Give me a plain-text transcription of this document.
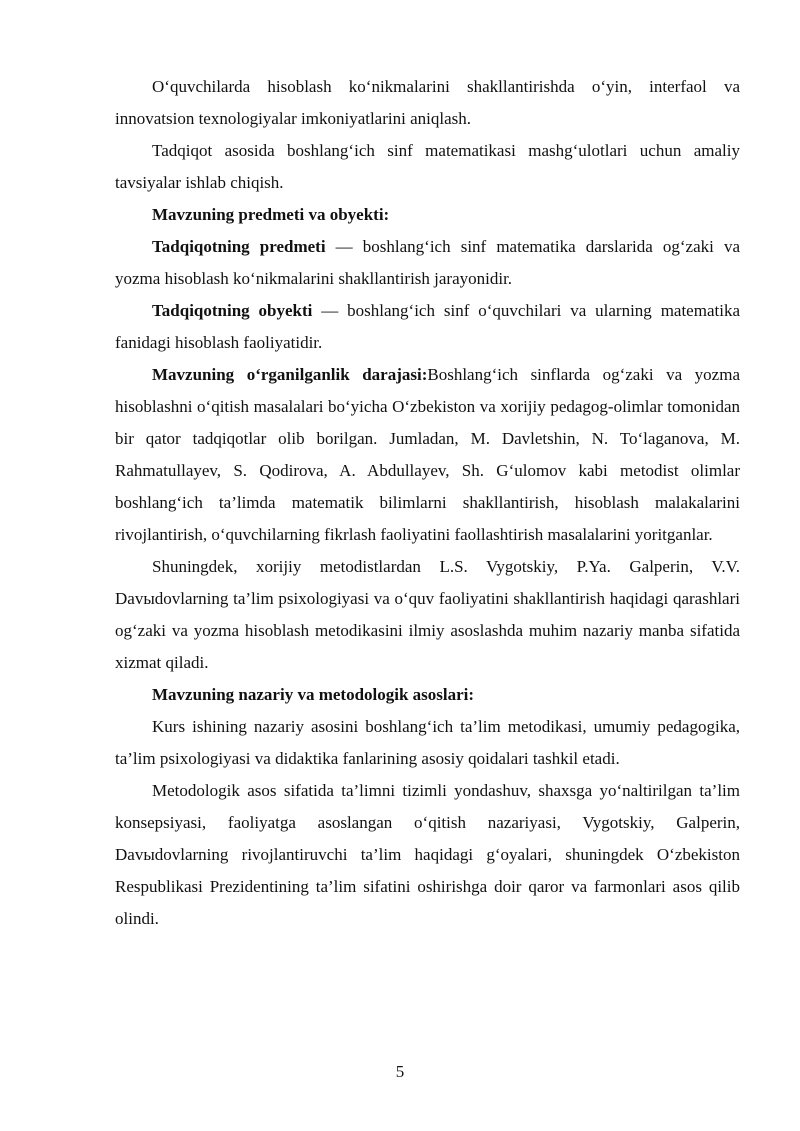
O‘quvchilarda hisoblash ko‘nikmalarini shakllantirishda o‘yin, interfaol va innovatsion texnologiyalar imkoniyatlarini aniqlash.

Tadqiqot asosida boshlang‘ich sinf matematikasi mashg‘ulotlari uchun amaliy tavsiyalar ishlab chiqish.

Mavzuning predmeti va obyekti:

Tadqiqotning predmeti — boshlang‘ich sinf matematika darslarida og‘zaki va yozma hisoblash ko‘nikmalarini shakllantirish jarayonidir.

Tadqiqotning obyekti — boshlang‘ich sinf o‘quvchilari va ularning matematika fanidagi hisoblash faoliyatidir.

Mavzuning o‘rganilganlik darajasi:Boshlang‘ich sinflarda og‘zaki va yozma hisoblashni o‘qitish masalalari bo‘yicha O‘zbekiston va xorijiy pedagog-olimlar tomonidan bir qator tadqiqotlar olib borilgan. Jumladan, M. Davletshin, N. To‘laganova, M. Rahmatullayev, S. Qodirova, A. Abdullayev, Sh. G‘ulomov kabi metodist olimlar boshlang‘ich ta’limda matematik bilimlarni shakllantirish, hisoblash malakalarini rivojlantirish, o‘quvchilarning fikrlash faoliyatini faollashtirish masalalarini yoritganlar.

Shuningdek, xorijiy metodistlardan L.S. Vygotskiy, P.Ya. Galperin, V.V. Davыdovlarning ta’lim psixologiyasi va o‘quv faoliyatini shakllantirish haqidagi qarashlari og‘zaki va yozma hisoblash metodikasini ilmiy asoslashda muhim nazariy manba sifatida xizmat qiladi.

Mavzuning nazariy va metodologik asoslari:

Kurs ishining nazariy asosini boshlang‘ich ta’lim metodikasi, umumiy pedagogika, ta’lim psixologiyasi va didaktika fanlarining asosiy qoidalari tashkil etadi.

Metodologik asos sifatida ta’limni tizimli yondashuv, shaxsga yo‘naltirilgan ta’lim konsepsiyasi, faoliyatga asoslangan o‘qitish nazariyasi, Vygotskiy, Galperin, Davыdovlarning rivojlantiruvchi ta’lim haqidagi g‘oyalari, shuningdek O‘zbekiston Respublikasi Prezidentining ta’lim sifatini oshirishga doir qaror va farmonlari asos qilib olindi.

5
